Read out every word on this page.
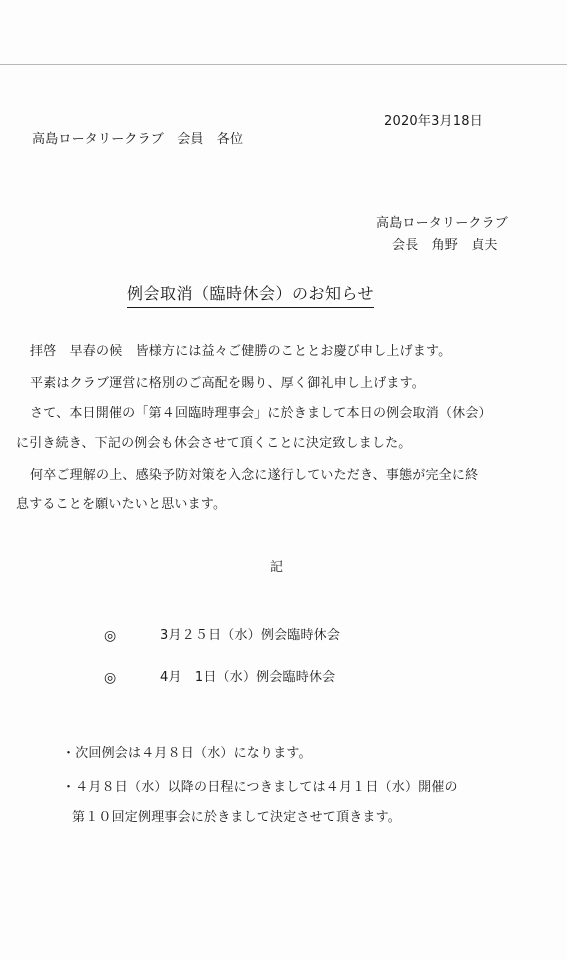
2020年3月18日
高島ロータリークラブ　会員　各位
高島ロータリークラブ
会長　角野　貞夫
例会取消（臨時休会）のお知らせ
拝啓　早春の候　皆様方には益々ご健勝のこととお慶び申し上げます。
平素はクラブ運営に格別のご高配を賜り、厚く御礼申し上げます。
さて、本日開催の「第４回臨時理事会」に於きまして本日の例会取消（休会）
に引き続き、下記の例会も休会させて頂くことに決定致しました。
何卒ご理解の上、感染予防対策を入念に遂行していただき、事態が完全に終
息することを願いたいと思います。
記
◎	3月２５日（水）例会臨時休会
◎	4月　1日（水）例会臨時休会
・次回例会は４月８日（水）になります。
・４月８日（水）以降の日程につきましては４月１日（水）開催の
第１０回定例理事会に於きまして決定させて頂きます。
